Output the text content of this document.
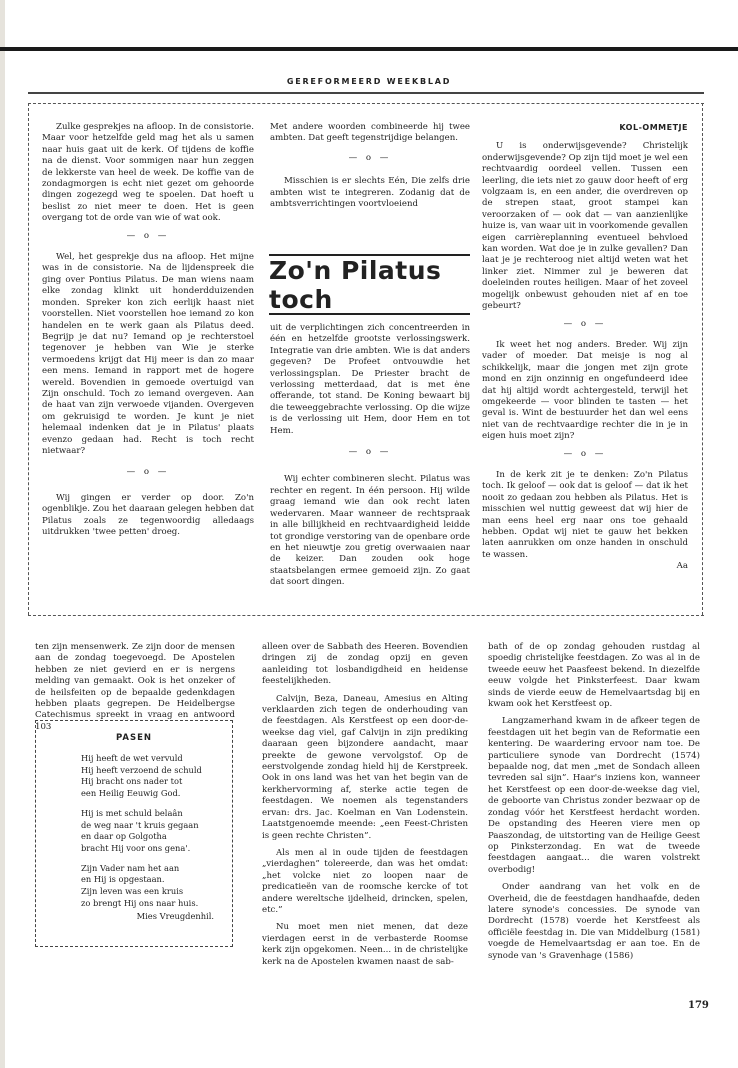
GEREFORMEERD WEEKBLAD

Zulke gesprekjes na afloop. In de consistorie. Maar voor hetzelfde geld mag het als u samen naar huis gaat uit de kerk. Of tijdens de koffie na de dienst. Voor sommigen naar hun zeggen de lekkerste van heel de week. De koffie van de zondagmorgen is echt niet gezet om gehoorde dingen zogezegd weg te spoelen. Dat hoeft u beslist zo niet meer te doen. Het is geen overgang tot de orde van wie of wat ook.

— o —

Wel, het gesprekje dus na afloop. Het mijne was in de consistorie. Na de lijdenspreek die ging over Pontius Pilatus. De man wiens naam elke zondag klinkt uit honderdduizenden monden. Spreker kon zich eerlijk haast niet voorstellen. Niet voorstellen hoe iemand zo kon handelen en te werk gaan als Pilatus deed. Begrijp je dat nu? Iemand op je rechterstoel tegenover je hebben van Wie je sterke vermoedens krijgt dat Hij meer is dan zo maar een mens. Iemand in rapport met de hogere wereld. Bovendien in gemoede overtuigd van Zijn onschuld. Toch zo iemand overgeven. Aan de haat van zijn verwoede vijanden. Overgeven om gekruisigd te worden. Je kunt je niet helemaal indenken dat je in Pilatus' plaats evenzo gedaan had. Recht is toch recht nietwaar?

— o —

Wij gingen er verder op door. Zo'n ogenblikje. Zou het daaraan gelegen hebben dat Pilatus zoals ze tegenwoordig alledaags uitdrukken 'twee petten' droeg.

Met andere woorden combineerde hij twee ambten. Dat geeft tegenstrijdige belangen.

— o —

Misschien is er slechts Eén, Die zelfs drie ambten wist te integreren. Zodanig dat de ambtsverrichtingen voortvloeiend

Zo'n Pilatus toch

uit de verplichtingen zich concentreerden in één en hetzelfde grootste verlossingswerk. Integratie van drie ambten. Wie is dat anders gegeven? De Profeet ontvouwdie het verlossingsplan. De Priester bracht de verlossing metterdaad, dat is met ėne offerande, tot stand. De Koning bewaart bij die teweeggebrachte verlossing. Op die wijze is de verlossing uit Hem, door Hem en tot Hem.

— o —

Wij echter combineren slecht. Pilatus was rechter en regent. In één persoon. Hij wilde graag iemand wie dan ook recht laten wedervaren. Maar wanneer de rechtspraak in alle billijkheid en rechtvaardigheid leidde tot grondige verstoring van de openbare orde en het nieuwtje zou gretig overwaaien naar de keizer. Dan zouden ook hoge staatsbelangen ermee gemoeid zijn. Zo gaat dat soort dingen.

KOL-OMMETJE

U is onderwijsgevende? Christelijk onderwijsgevende? Op zijn tijd moet je wel een rechtvaardig oordeel vellen. Tussen een leerling, die iets niet zo gauw door heeft of erg volgzaam is, en een ander, die overdreven op de strepen staat, groot stampei kan veroorzaken of — ook dat — van aanzienlijke huize is, van waar uit in voorkomende gevallen eigen carrièreplanning eventueel behvloed kan worden. Wat doe je in zulke gevallen? Dan laat je je rechteroog niet altijd weten wat het linker ziet. Nimmer zul je beweren dat doeleinden routes heiligen. Maar of het zoveel mogelijk onbewust gehouden niet af en toe gebeurt?

— o —

Ik weet het nog anders. Breder. Wij zijn vader of moeder. Dat meisje is nog al schikkelijk, maar die jongen met zijn grote mond en zijn onzinnig en ongefundeerd idee dat hij altijd wordt achtergesteld, terwijl het omgekeerde — voor blinden te tasten — het geval is. Wint de bestuurder het dan wel eens niet van de rechtvaardige rechter die in je in eigen huis moet zijn?

— o —

In de kerk zit je te denken: Zo'n Pilatus toch. Ik geloof — ook dat is geloof — dat ik het nooit zo gedaan zou hebben als Pilatus. Het is misschien wel nuttig geweest dat wij hier de man eens heel erg naar ons toe gehaald hebben. Opdat wij niet te gauw het bekken laten aanrukken om onze handen in onschuld te wassen.

Aa

ten zijn mensenwerk. Ze zijn door de mensen aan de zondag toegevoegd. De Apostelen hebben ze niet gevierd en er is nergens melding van gemaakt. Ook is het onzeker of de heilsfeiten op de bepaalde gedenkdagen hebben plaats gegrepen. De Heidelbergse Catechismus spreekt in vraag en antwoord 103

PASEN
Hij heeft de wet vervuld
Hij heeft verzoend de schuld
Hij bracht ons nader tot
een Heilig Eeuwig God.
Hij is met schuld belaân
de weg naar 't kruis gegaan
en daar op Golgotha
bracht Hij voor ons gena'.
Zijn Vader nam het aan
en Hij is opgestaan.
Zijn leven was een kruis
zo brengt Hij ons naar huis.
Mies Vreugdenhil.

alleen over de Sabbath des Heeren. Bovendien dringen zij de zondag opzij en geven aanleiding tot losbandigdheid en heidense feestelijkheden.

Calvijn, Beza, Daneau, Amesius en Alting verklaarden zich tegen de onderhouding van de feestdagen. Als Kerstfeest op een door-de-weekse dag viel, gaf Calvijn in zijn prediking daaraan geen bijzondere aandacht, maar preekte de gewone vervolgstof. Op de eerstvolgende zondag hield hij de Kerstpreek. Ook in ons land was het van het begin van de kerkhervorming af, sterke actie tegen de feestdagen. We noemen als tegenstanders ervan: drs. Jac. Koelman en Van Lodenstein. Laatstgenoemde meende: „een Feest-Christen is geen rechte Christen”.

Als men al in oude tijden de feestdagen „vierdaghen” tolereerde, dan was het omdat: „het volcke niet zo loopen naar de predicatieën van de roomsche kercke of tot andere wereltsche ijdelheid, drincken, spelen, etc.”

Nu moet men niet menen, dat deze vierdagen eerst in de verbasterde Roomse kerk zijn opgekomen. Neen... in de christelijke kerk na de Apostelen kwamen naast de sab-

bath of de op zondag gehouden rustdag al spoedig christelijke feestdagen. Zo was al in de tweede eeuw het Paasfeest bekend. In diezelfde eeuw volgde het Pinksterfeest. Daar kwam sinds de vierde eeuw de Hemelvaartsdag bij en kwam ook het Kerstfeest op.

Langzamerhand kwam in de afkeer tegen de feestdagen uit het begin van de Reformatie een kentering. De waardering ervoor nam toe. De particuliere synode van Dordrecht (1574) bepaalde nog, dat men „met de Sondach alleen tevreden sal sijn”. Haar's inziens kon, wanneer het Kerstfeest op een door-de-weekse dag viel, de geboorte van Christus zonder bezwaar op de zondag vóór het Kerstfeest herdacht worden. De opstanding des Heeren viere men op Paaszondag, de uitstorting van de Heilige Geest op Pinksterzondag. En wat de tweede feestdagen aangaat... die waren volstrekt overbodig!

Onder aandrang van het volk en de Overheid, die de feestdagen handhaafde, deden latere synode's concessies. De synode van Dordrecht (1578) voerde het Kerstfeest als officiële feestdag in. Die van Middelburg (1581) voegde de Hemelvaartsdag er aan toe. En de synode van 's Gravenhage (1586)

179
